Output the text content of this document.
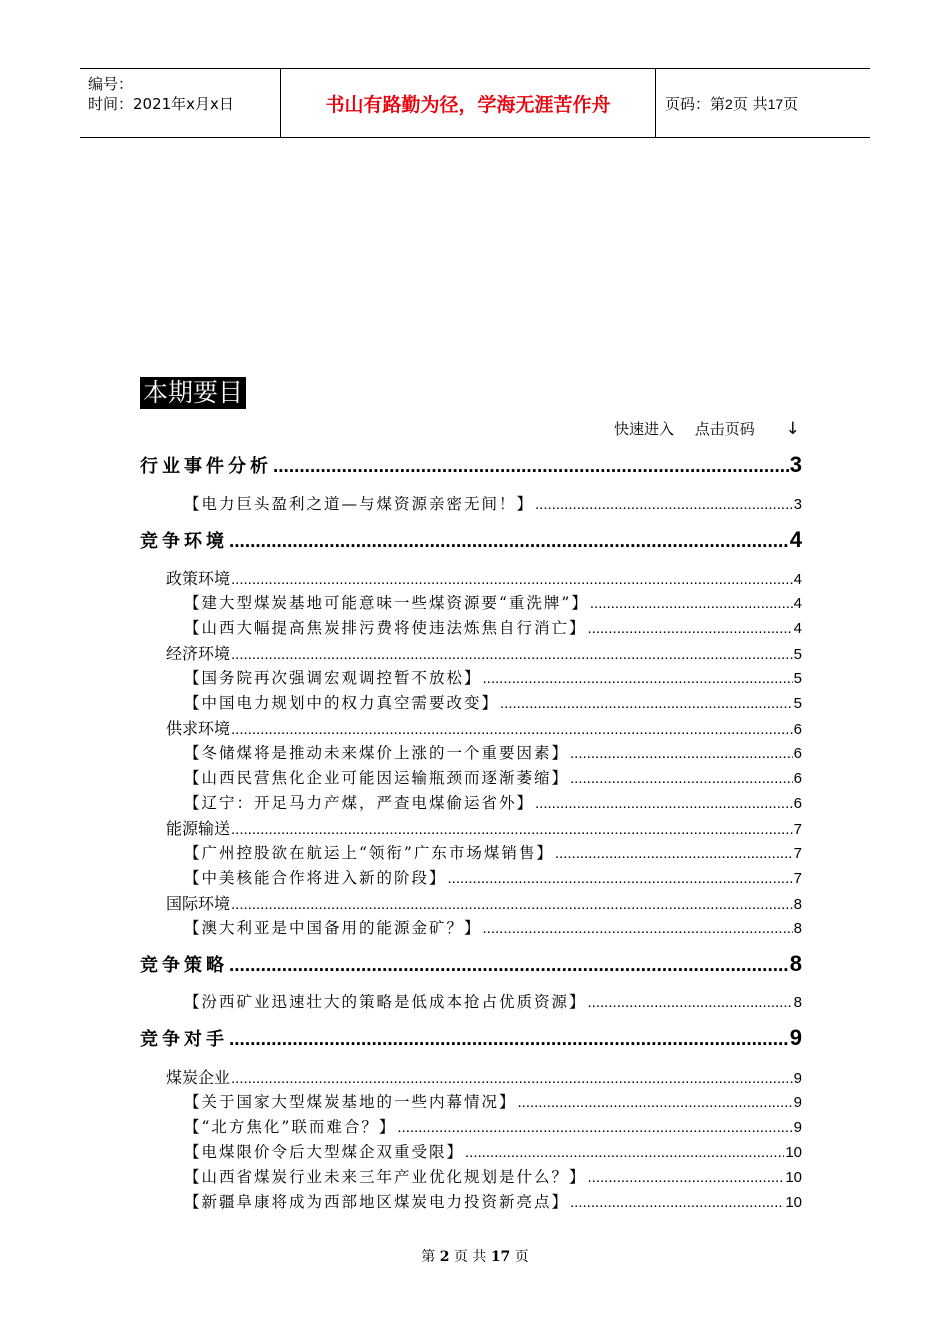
编号：
时间：2021年x月x日	书山有路勤为径，学海无涯苦作舟	页码：第2页 共17页
本期要目
快速进入 点击页码 ↓
行业事件分析 .....	3
【电力巨头盈利之道—与煤资源亲密无间！】 .....	3
竞争环境 .....	4
政策环境 .....	4
【建大型煤炭基地可能意味一些煤资源要“重洗牌”】 .....	4
【山西大幅提高焦炭排污费将使违法炼焦自行消亡】 .....	4
经济环境 .....	5
【国务院再次强调宏观调控暂不放松】 .....	5
【中国电力规划中的权力真空需要改变】 .....	5
供求环境 .....	6
【冬储煤将是推动未来煤价上涨的一个重要因素】 .....	6
【山西民营焦化企业可能因运输瓶颈而逐渐萎缩】 .....	6
【辽宁：开足马力产煤，严查电煤偷运省外】 .....	6
能源输送 .....	7
【广州控股欲在航运上“领衔”广东市场煤销售】 .....	7
【中美核能合作将进入新的阶段】 .....	7
国际环境 .....	8
【澳大利亚是中国备用的能源金矿？】 .....	8
竞争策略 .....	8
【汾西矿业迅速壮大的策略是低成本抢占优质资源】 .....	8
竞争对手 .....	9
煤炭企业 .....	9
【关于国家大型煤炭基地的一些内幕情况】 .....	9
【“北方焦化”联而难合？】 .....	9
【电煤限价令后大型煤企双重受限】 .....	10
【山西省煤炭行业未来三年产业优化规划是什么？】 .....	10
【新疆阜康将成为西部地区煤炭电力投资新亮点】 .....	10
第 2 页 共 17 页
